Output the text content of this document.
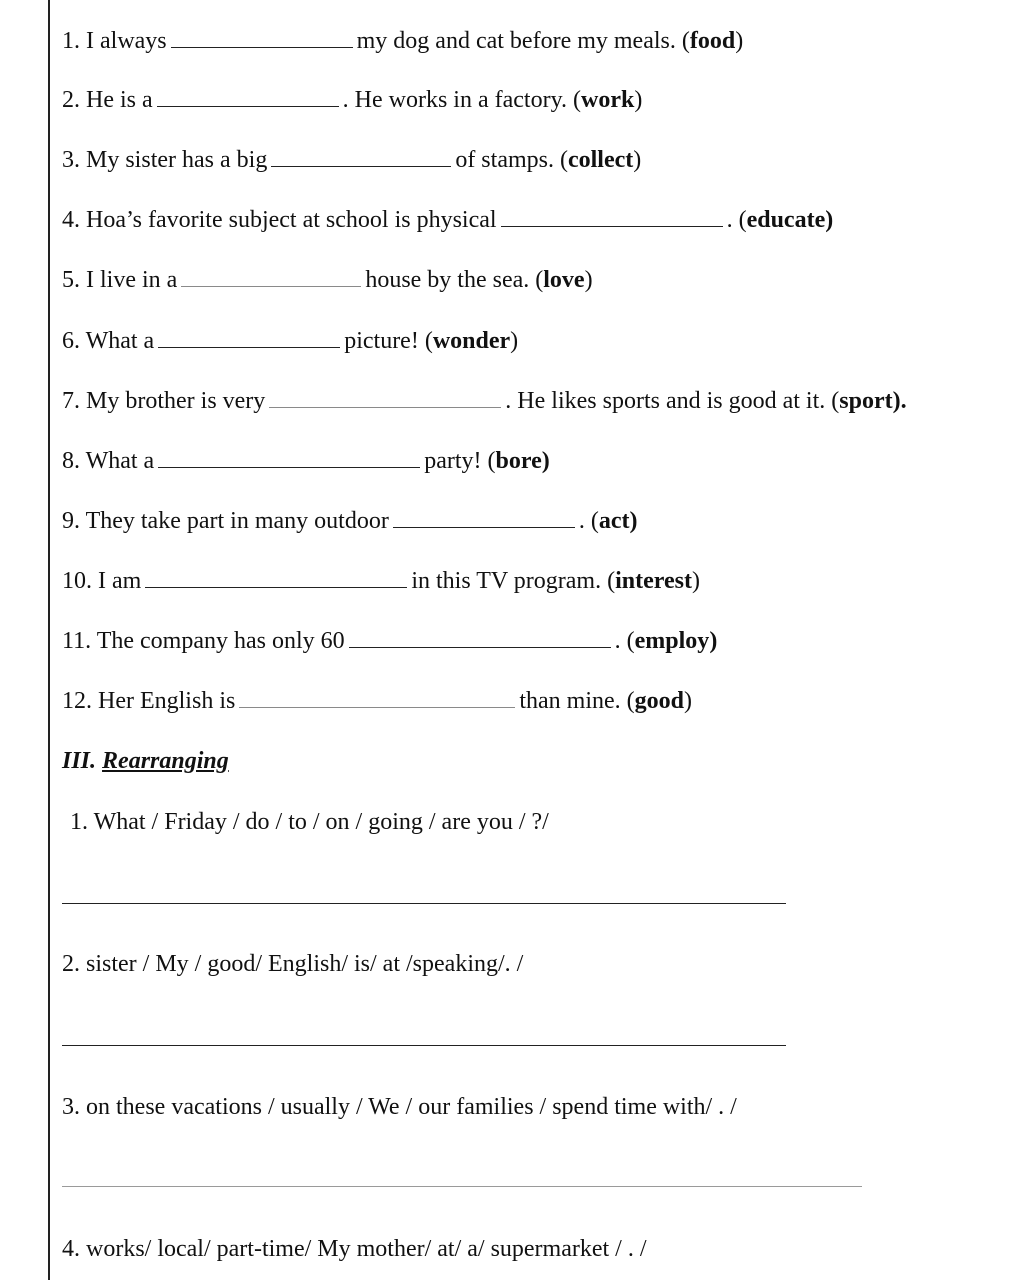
1. I always	my dog and cat before my meals. (food)
2. He is a	. He works in a factory. (work)
3. My sister has a big	of stamps. (collect)
4. Hoa’s favorite subject at school is physical	. (educate)
5. I live in a	house by the sea. (love)
6. What a	picture! (wonder)
7. My brother is very	. He likes sports and is good at it. (sport).
8. What a	party! (bore)
9. They take part in many outdoor	. (act)
10. I am	in this TV program. (interest)
11. The company has only 60	. (employ)
12. Her English is	than mine. (good)
III. Rearranging
1. What / Friday / do / to / on / going / are you / ?/
2. sister / My / good/ English/ is/ at /speaking/. /
3. on these vacations / usually / We / our families / spend time with/ . /
4. works/ local/ part-time/ My mother/ at/ a/ supermarket / . /
